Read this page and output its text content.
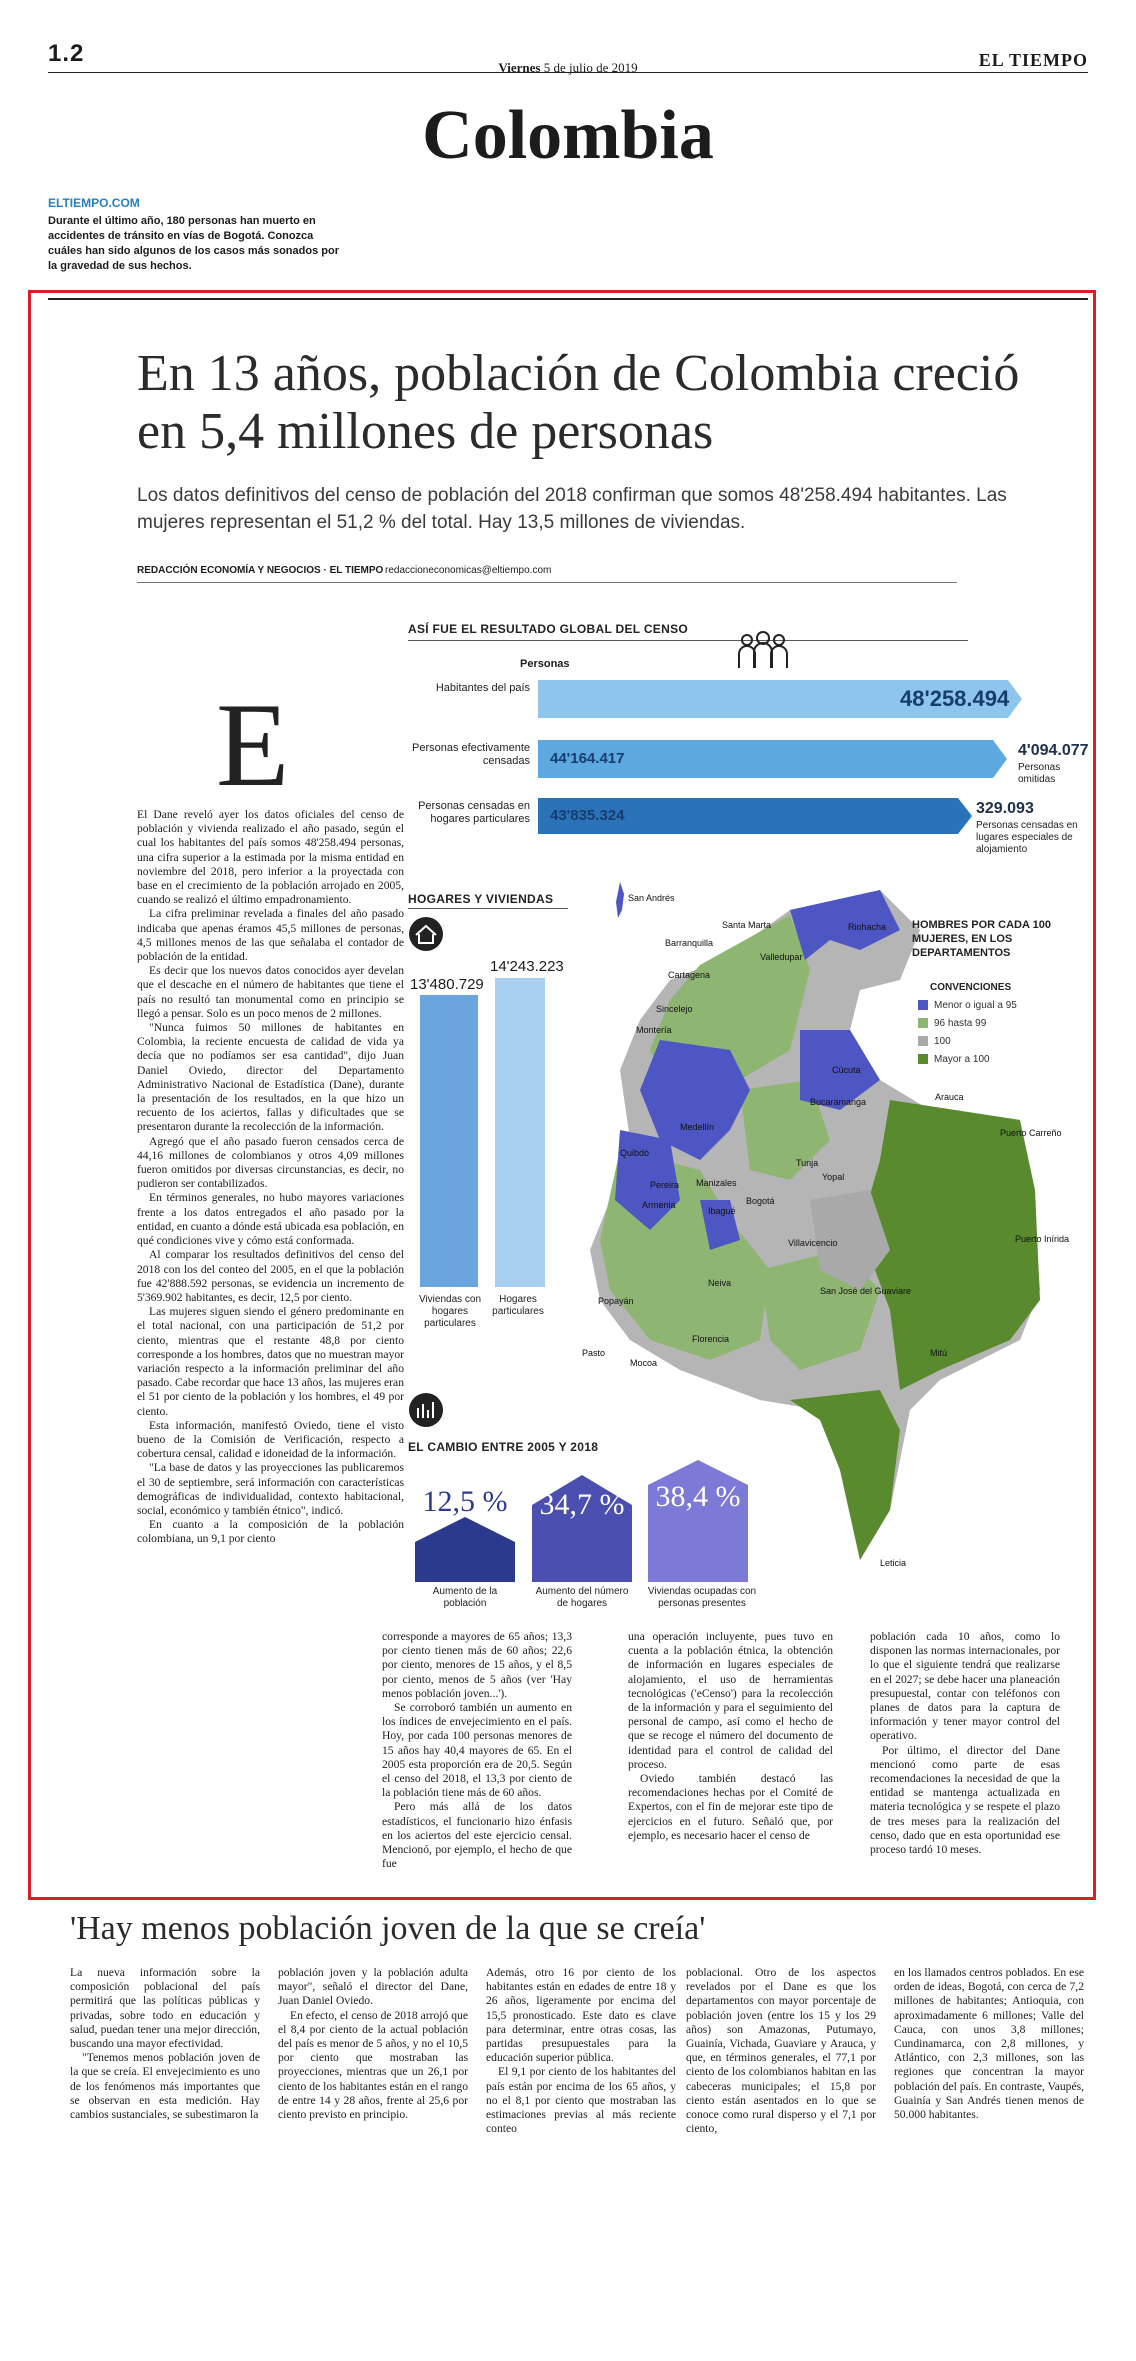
1.2
Viernes 5 de julio de 2019	EL TIEMPO
Colombia
ELTIEMPO.COM
Durante el último año, 180 personas han muerto en accidentes de tránsito en vías de Bogotá. Conozca cuáles han sido algunos de los casos más sonados por la gravedad de sus hechos.
En 13 años, población de Colombia creció en 5,4 millones de personas
Los datos definitivos del censo de población del 2018 confirman que somos 48'258.494 habitantes. Las mujeres representan el 51,2 % del total. Hay 13,5 millones de viviendas.
REDACCIÓN ECONOMÍA Y NEGOCIOS · EL TIEMPO redaccioneconomicas@eltiempo.com
ASÍ FUE EL RESULTADO GLOBAL DEL CENSO
Personas
Habitantes del país	48'258.494
Personas efectivamente censadas 44'164.417	4'094.077
Personas omitidas
Personas censadas en hogares particulares 43'835.324	329.093
Personas censadas en lugares especiales de alojamiento
San Andrés
Santa Marta	Riohacha
Barranquilla
Valledupar
Cartagena
Sincelejo
Montería
Cúcuta
Bucaramanga	Arauca
Medellín
Puerto Carreño
Quibdó
Tunja
Yopal
Manizales
Pereira
Bogotá
Armenia
Ibagué
Puerto Inírida
Villavicencio
Neiva
Popayán
San José del Guaviare
Pasto
Mocoa
Florencia
Mitú
Leticia
HOMBRES POR CADA 100 MUJERES, EN LOS DEPARTAMENTOS
CONVENCIONES
Menor o igual a 95
96 hasta 99
100
Mayor a 100
HOGARES Y VIVIENDAS
13'480.729
14'243.223
Viviendas con hogares particulares
Hogares particulares
EL CAMBIO ENTRE 2005 Y 2018
12,5 %
Aumento de la población
34,7 %
Aumento del número de hogares
38,4 %
Viviendas ocupadas con personas presentes
E

El Dane reveló ayer los datos oficiales del censo de población y vivienda realizado el año pasado, según el cual los habitantes del país somos 48'258.494 personas, una cifra superior a la estimada por la misma entidad en noviembre del 2018, pero inferior a la proyectada con base en el crecimiento de la población arrojado en 2005, cuando se realizó el último empadronamiento.

La cifra preliminar revelada a finales del año pasado indicaba que apenas éramos 45,5 millones de personas, 4,5 millones menos de las que señalaba el contador de población de la entidad.

Es decir que los nuevos datos conocidos ayer develan que el descache en el número de habitantes que tiene el país no resultó tan monumental como en principio se llegó a pensar. Solo es un poco menos de 2 millones.

"Nunca fuimos 50 millones de habitantes en Colombia, la reciente encuesta de calidad de vida ya decía que no podíamos ser esa cantidad", dijo Juan Daniel Oviedo, director del Departamento Administrativo Nacional de Estadística (Dane), durante la presentación de los resultados, en la que hizo un recuento de los aciertos, fallas y dificultades que se presentaron durante la recolección de la información.

Agregó que el año pasado fueron censados cerca de 44,16 millones de colombianos y otros 4,09 millones fueron omitidos por diversas circunstancias, es decir, no pudieron ser contabilizados.

En términos generales, no hubo mayores variaciones frente a los datos entregados el año pasado por la entidad, en cuanto a dónde está ubicada esa población, en qué condiciones vive y cómo está conformada.

Al comparar los resultados definitivos del censo del 2018 con los del conteo del 2005, en el que la población fue 42'888.592 personas, se evidencia un incremento de 5'369.902 habitantes, es decir, 12,5 por ciento.

Las mujeres siguen siendo el género predominante en el total nacional, con una participación de 51,2 por ciento, mientras que el restante 48,8 por ciento corresponde a los hombres, datos que no muestran mayor variación respecto a la información preliminar del año pasado. Cabe recordar que hace 13 años, las mujeres eran el 51 por ciento de la población y los hombres, el 49 por ciento.

Esta información, manifestó Oviedo, tiene el visto bueno de la Comisión de Verificación, respecto a cobertura censal, calidad e idoneidad de la información.

"La base de datos y las proyecciones las publicaremos el 30 de septiembre, será información con características demográficas de individualidad, contexto habitacional, social, económico y también étnico", indicó.

En cuanto a la composición de la población colombiana, un 9,1 por ciento

corresponde a mayores de 65 años; 13,3 por ciento tienen más de 60 años; 22,6 por ciento, menores de 15 años, y el 8,5 por ciento, menos de 5 años (ver 'Hay menos población joven...').

Se corroboró también un aumento en los índices de envejecimiento en el país. Hoy, por cada 100 personas menores de 15 años hay 40,4 mayores de 65. En el 2005 esta proporción era de 20,5. Según el censo del 2018, el 13,3 por ciento de la población tiene más de 60 años.

Pero más allá de los datos estadísticos, el funcionario hizo énfasis en los aciertos del este ejercicio censal. Mencionó, por ejemplo, el hecho de que fue

una operación incluyente, pues tuvo en cuenta a la población étnica, la obtención de información en lugares especiales de alojamiento, el uso de herramientas tecnológicas ('eCenso') para la recolección de la información y para el seguimiento del personal de campo, así como el hecho de que se recoge el número del documento de identidad para el control de calidad del proceso.

Oviedo también destacó las recomendaciones hechas por el Comité de Expertos, con el fin de mejorar este tipo de ejercicios en el futuro. Señaló que, por ejemplo, es necesario hacer el censo de

población cada 10 años, como lo disponen las normas internacionales, por lo que el siguiente tendrá que realizarse en el 2027; se debe hacer una planeación presupuestal, contar con teléfonos con planes de datos para la captura de información y tener mayor control del operativo.

Por último, el director del Dane mencionó como parte de esas recomendaciones la necesidad de que la entidad se mantenga actualizada en materia tecnológica y se respete el plazo de tres meses para la realización del censo, dado que en esta oportunidad ese proceso tardó 10 meses.

'Hay menos población joven de la que se creía'

La nueva información sobre la composición poblacional del país permitirá que las políticas públicas y privadas, sobre todo en educación y salud, puedan tener una mejor dirección, buscando una mayor efectividad.

"Tenemos menos población joven de la que se creía. El envejecimiento es uno de los fenómenos más importantes que se observan en esta medición. Hay cambios sustanciales, se subestimaron la

población joven y la población adulta mayor", señaló el director del Dane, Juan Daniel Oviedo.

En efecto, el censo de 2018 arrojó que el 8,4 por ciento de la actual población del país es menor de 5 años, y no el 10,5 por ciento que mostraban las proyecciones, mientras que un 26,1 por ciento de los habitantes están en el rango de entre 14 y 28 años, frente al 25,6 por ciento previsto en principio.

Además, otro 16 por ciento de los habitantes están en edades de entre 18 y 26 años, ligeramente por encima del 15,5 pronosticado. Este dato es clave para determinar, entre otras cosas, las partidas presupuestales para la educación superior pública.

El 9,1 por ciento de los habitantes del país están por encima de los 65 años, y no el 8,1 por ciento que mostraban las estimaciones previas al más reciente conteo

poblacional. Otro de los aspectos revelados por el Dane es que los departamentos con mayor porcentaje de población joven (entre los 15 y los 29 años) son Amazonas, Putumayo, Guainía, Vichada, Guaviare y Arauca, y que, en términos generales, el 77,1 por ciento de los colombianos habitan en las cabeceras municipales; el 15,8 por ciento están asentados en lo que se conoce como rural disperso y el 7,1 por ciento,

en los llamados centros poblados. En ese orden de ideas, Bogotá, con cerca de 7,2 millones de habitantes; Antioquia, con aproximadamente 6 millones; Valle del Cauca, con unos 3,8 millones; Cundinamarca, con 2,8 millones, y Atlántico, con 2,3 millones, son las regiones que concentran la mayor población del país. En contraste, Vaupés, Guainía y San Andrés tienen menos de 50.000 habitantes.
